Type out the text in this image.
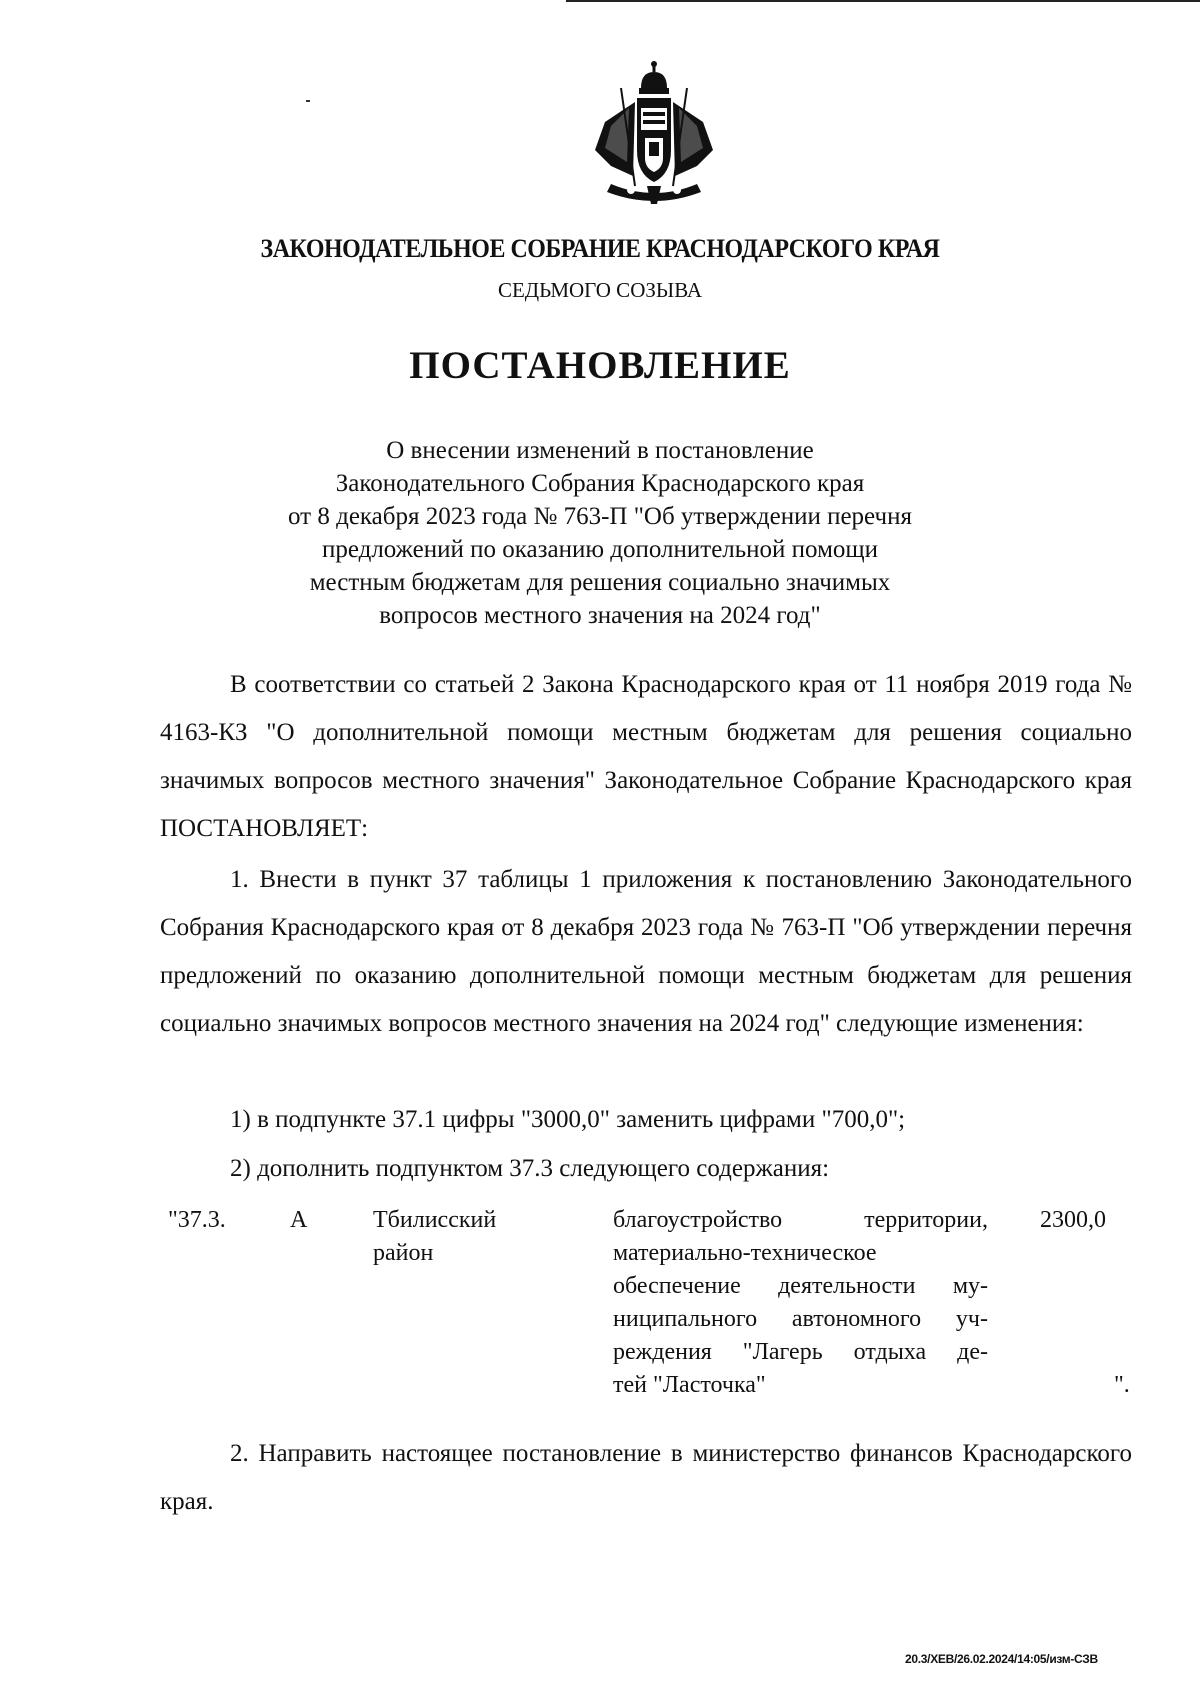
ЗАКОНОДАТЕЛЬНОЕ СОБРАНИЕ КРАСНОДАРСКОГО КРАЯ
СЕДЬМОГО СОЗЫВА
ПОСТАНОВЛЕНИЕ
О внесении изменений в постановление
Законодательного Собрания Краснодарского края
от 8 декабря 2023 года № 763-П "Об утверждении перечня
предложений по оказанию дополнительной помощи
местным бюджетам для решения социально значимых
вопросов местного значения на 2024 год"

В соответствии со статьей 2 Закона Краснодарского края от 11 ноября 2019 года № 4163-КЗ "О дополнительной помощи местным бюджетам для решения социально значимых вопросов местного значения" Законодательное Собрание Краснодарского края ПОСТАНОВЛЯЕТ:

1. Внести в пункт 37 таблицы 1 приложения к постановлению Законодательного Собрания Краснодарского края от 8 декабря 2023 года № 763-П "Об утверждении перечня предложений по оказанию дополнительной помощи местным бюджетам для решения социально значимых вопросов местного значения на 2024 год" следующие изменения:

1) в подпункте 37.1 цифры "3000,0" заменить цифрами "700,0";
2) дополнить подпунктом 37.3 следующего содержания:
"37.3.	А	Тбилисский
район
благоустройство территории,
материально-техническое
обеспечение деятельности му-
ниципального автономного уч-
реждения "Лагерь отдыха де-
тей "Ласточка"
2300,0
".

2. Направить настоящее постановление в министерство финансов Краснодарского края.

20.3/ХЕВ/26.02.2024/14:05/изм-СЗВ
